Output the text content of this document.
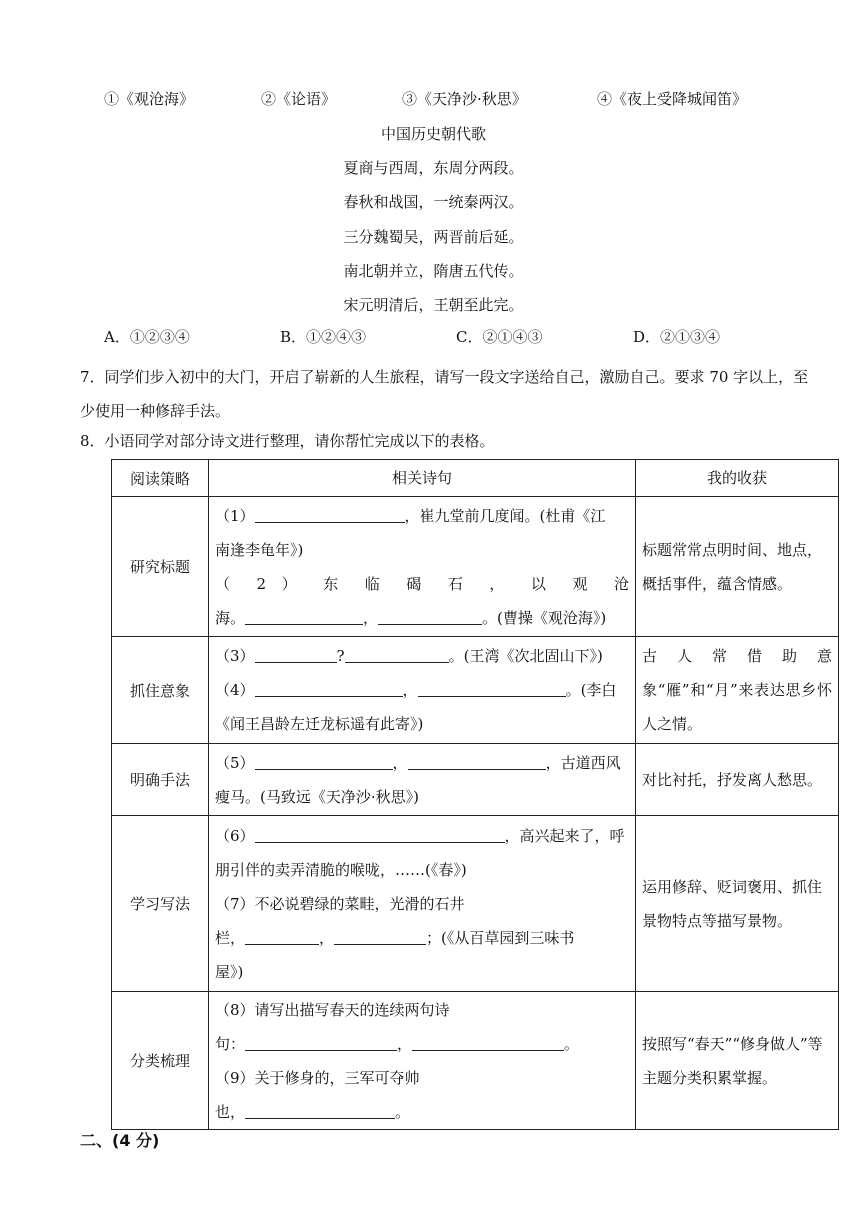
①《观沧海》	②《论语》	③《天净沙·秋思》	④《夜上受降城闻笛》
中国历史朝代歌
夏商与西周，东周分两段。
春秋和战国，一统秦两汉。
三分魏蜀吴，两晋前后延。
南北朝并立，隋唐五代传。
宋元明清后，王朝至此完。
A．①②③④	B．①②④③	C．②①④③	D．②①③④
7．同学们步入初中的大门，开启了崭新的人生旅程，请写一段文字送给自己，激励自己。要求 70 字以上，至少使用一种修辞手法。
8．小语同学对部分诗文进行整理，请你帮忙完成以下的表格。
阅读策略	相关诗句	我的收获
研究标题	（1） ，崔九堂前几度闻。(杜甫《江
南逢李龟年》)
（ 2 ） 东 临 碣 石 ， 以 观 沧
海。 ， 。(曹操《观沧海》)	标题常常点明时间、地点，概括事件，蕴含情感。
抓住意象	（3） ? 。(王湾《次北固山下》)
（4） ， 。(李白
《闻王昌龄左迁龙标遥有此寄》)	古人常借助意象“雁”和“月”来表达思乡怀人之情。
明确手法	（5） ， ，古道西风
瘦马。(马致远《天净沙·秋思》)	对比衬托，抒发离人愁思。
学习写法	（6） ，高兴起来了，呼
朋引伴的卖弄清脆的喉咙，……(《春》)
（7）不必说碧绿的菜畦，光滑的石井
栏， ， ；(《从百草园到三味书
屋》)	运用修辞、贬词褒用、抓住景物特点等描写景物。
分类梳理	（8）请写出描写春天的连续两句诗
句： ， 。
（9）关于修身的，三军可夺帅
也， 。	按照写“春天”“修身做人”等主题分类积累掌握。
二、(4 分)
